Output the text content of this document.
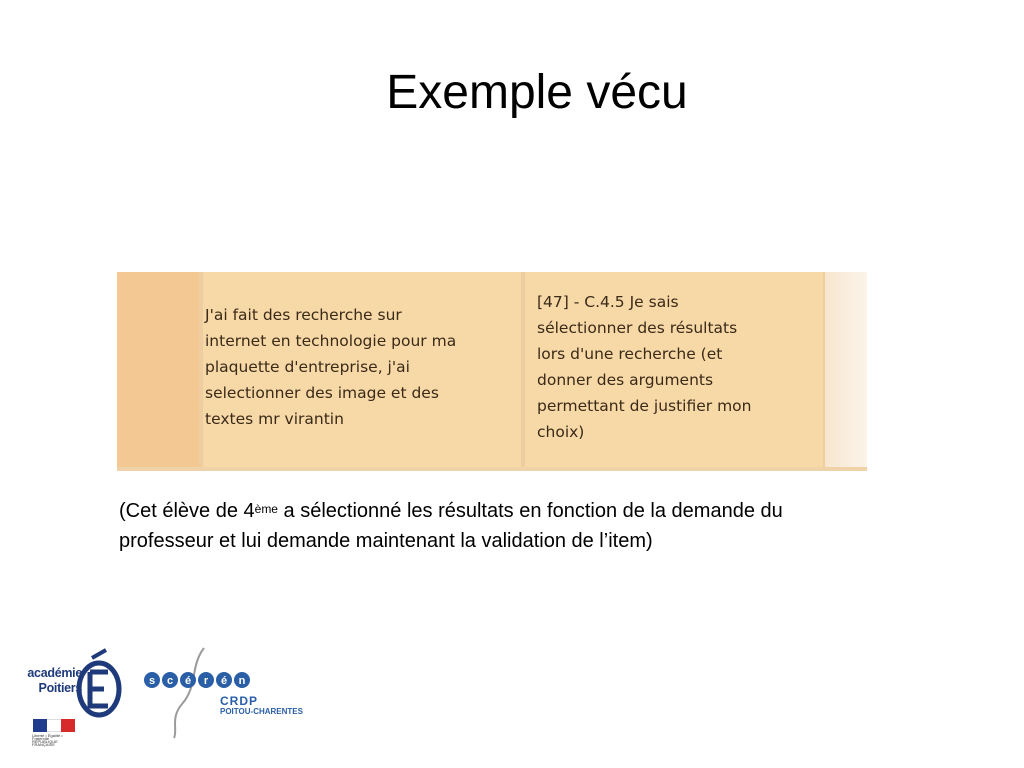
Exemple vécu
J'ai fait des recherche sur
internet en technologie pour ma
plaquette d'entreprise, j'ai
selectionner des image et des
textes mr virantin
[47] - C.4.5 Je sais
sélectionner des résultats
lors d'une recherche (et
donner des arguments
permettant de justifier mon
choix)
(Cet élève de 4ème a sélectionné les résultats en fonction de la demande du professeur et lui demande maintenant la validation de l’item)
académie
Poitiers
Liberté • Égalité • Fraternité
RÉPUBLIQUE FRANÇAISE
s c é r é n
CRDP
POITOU-CHARENTES
